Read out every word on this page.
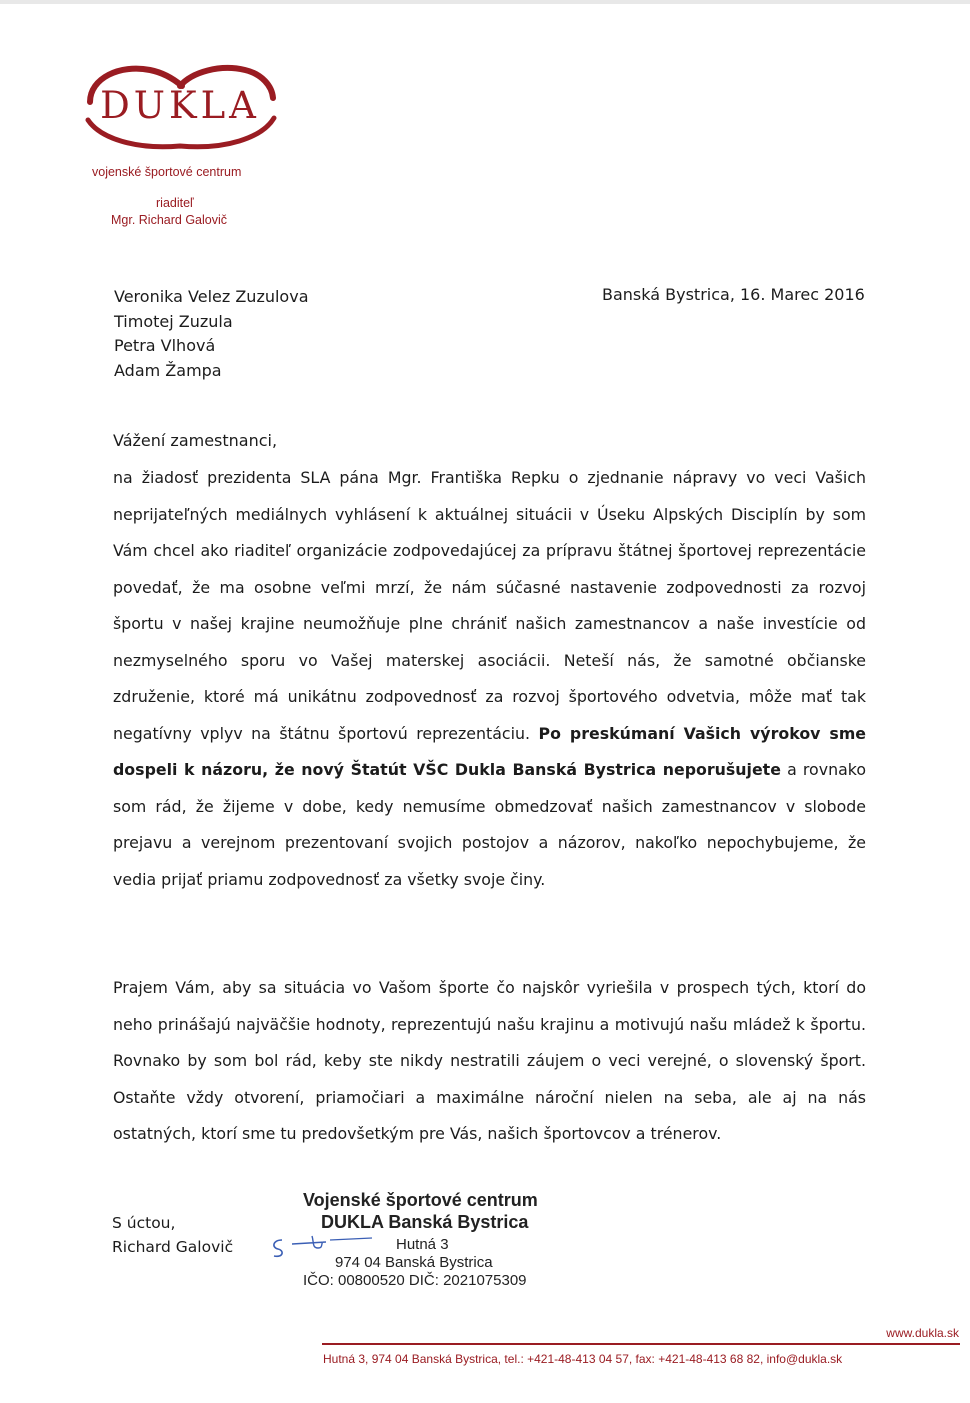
DUKLA
vojenské športové centrum
riaditeľ
Mgr. Richard Galovič
Veronika Velez Zuzulova
Timotej Zuzula
Petra Vlhová
Adam Žampa
Banská Bystrica, 16. Marec 2016
Vážení zamestnanci,

na žiadosť prezidenta SLA pána Mgr. Františka Repku o zjednanie nápravy vo veci Vašich neprijateľných mediálnych vyhlásení k aktuálnej situácii v Úseku Alpských Disciplín by som Vám chcel ako riaditeľ organizácie zodpovedajúcej za prípravu štátnej športovej reprezentácie povedať, že ma osobne veľmi mrzí, že nám súčasné nastavenie zodpovednosti za rozvoj športu v našej krajine neumožňuje plne chrániť našich zamestnancov a naše investície od nezmyselného sporu vo Vašej materskej asociácii. Neteší nás, že samotné občianske združenie, ktoré má unikátnu zodpovednosť za rozvoj športového odvetvia, môže mať tak negatívny vplyv na štátnu športovú reprezentáciu. Po preskúmaní Vašich výrokov sme dospeli k názoru, že nový Štatút VŠC Dukla Banská Bystrica neporušujete a rovnako som rád, že žijeme v dobe, kedy nemusíme obmedzovať našich zamestnancov v slobode prejavu a verejnom prezentovaní svojich postojov a názorov, nakoľko nepochybujeme, že vedia prijať priamu zodpovednosť za všetky svoje činy.

Prajem Vám, aby sa situácia vo Vašom športe čo najskôr vyriešila v prospech tých, ktorí do neho prinášajú najväčšie hodnoty, reprezentujú našu krajinu a motivujú našu mládež k športu. Rovnako by som bol rád, keby ste nikdy nestratili záujem o veci verejné, o slovenský šport. Ostaňte vždy otvorení, priamočiari a maximálne nároční nielen na seba, ale aj na nás ostatných, ktorí sme tu predovšetkým pre Vás, našich športovcov a trénerov.

S úctou,
Richard Galovič
Vojenské športové centrum
DUKLA Banská Bystrica
Hutná 3
974 04 Banská Bystrica
IČO: 00800520 DIČ: 2021075309
www.dukla.sk
Hutná 3, 974 04 Banská Bystrica, tel.: +421-48-413 04 57, fax: +421-48-413 68 82, info@dukla.sk
